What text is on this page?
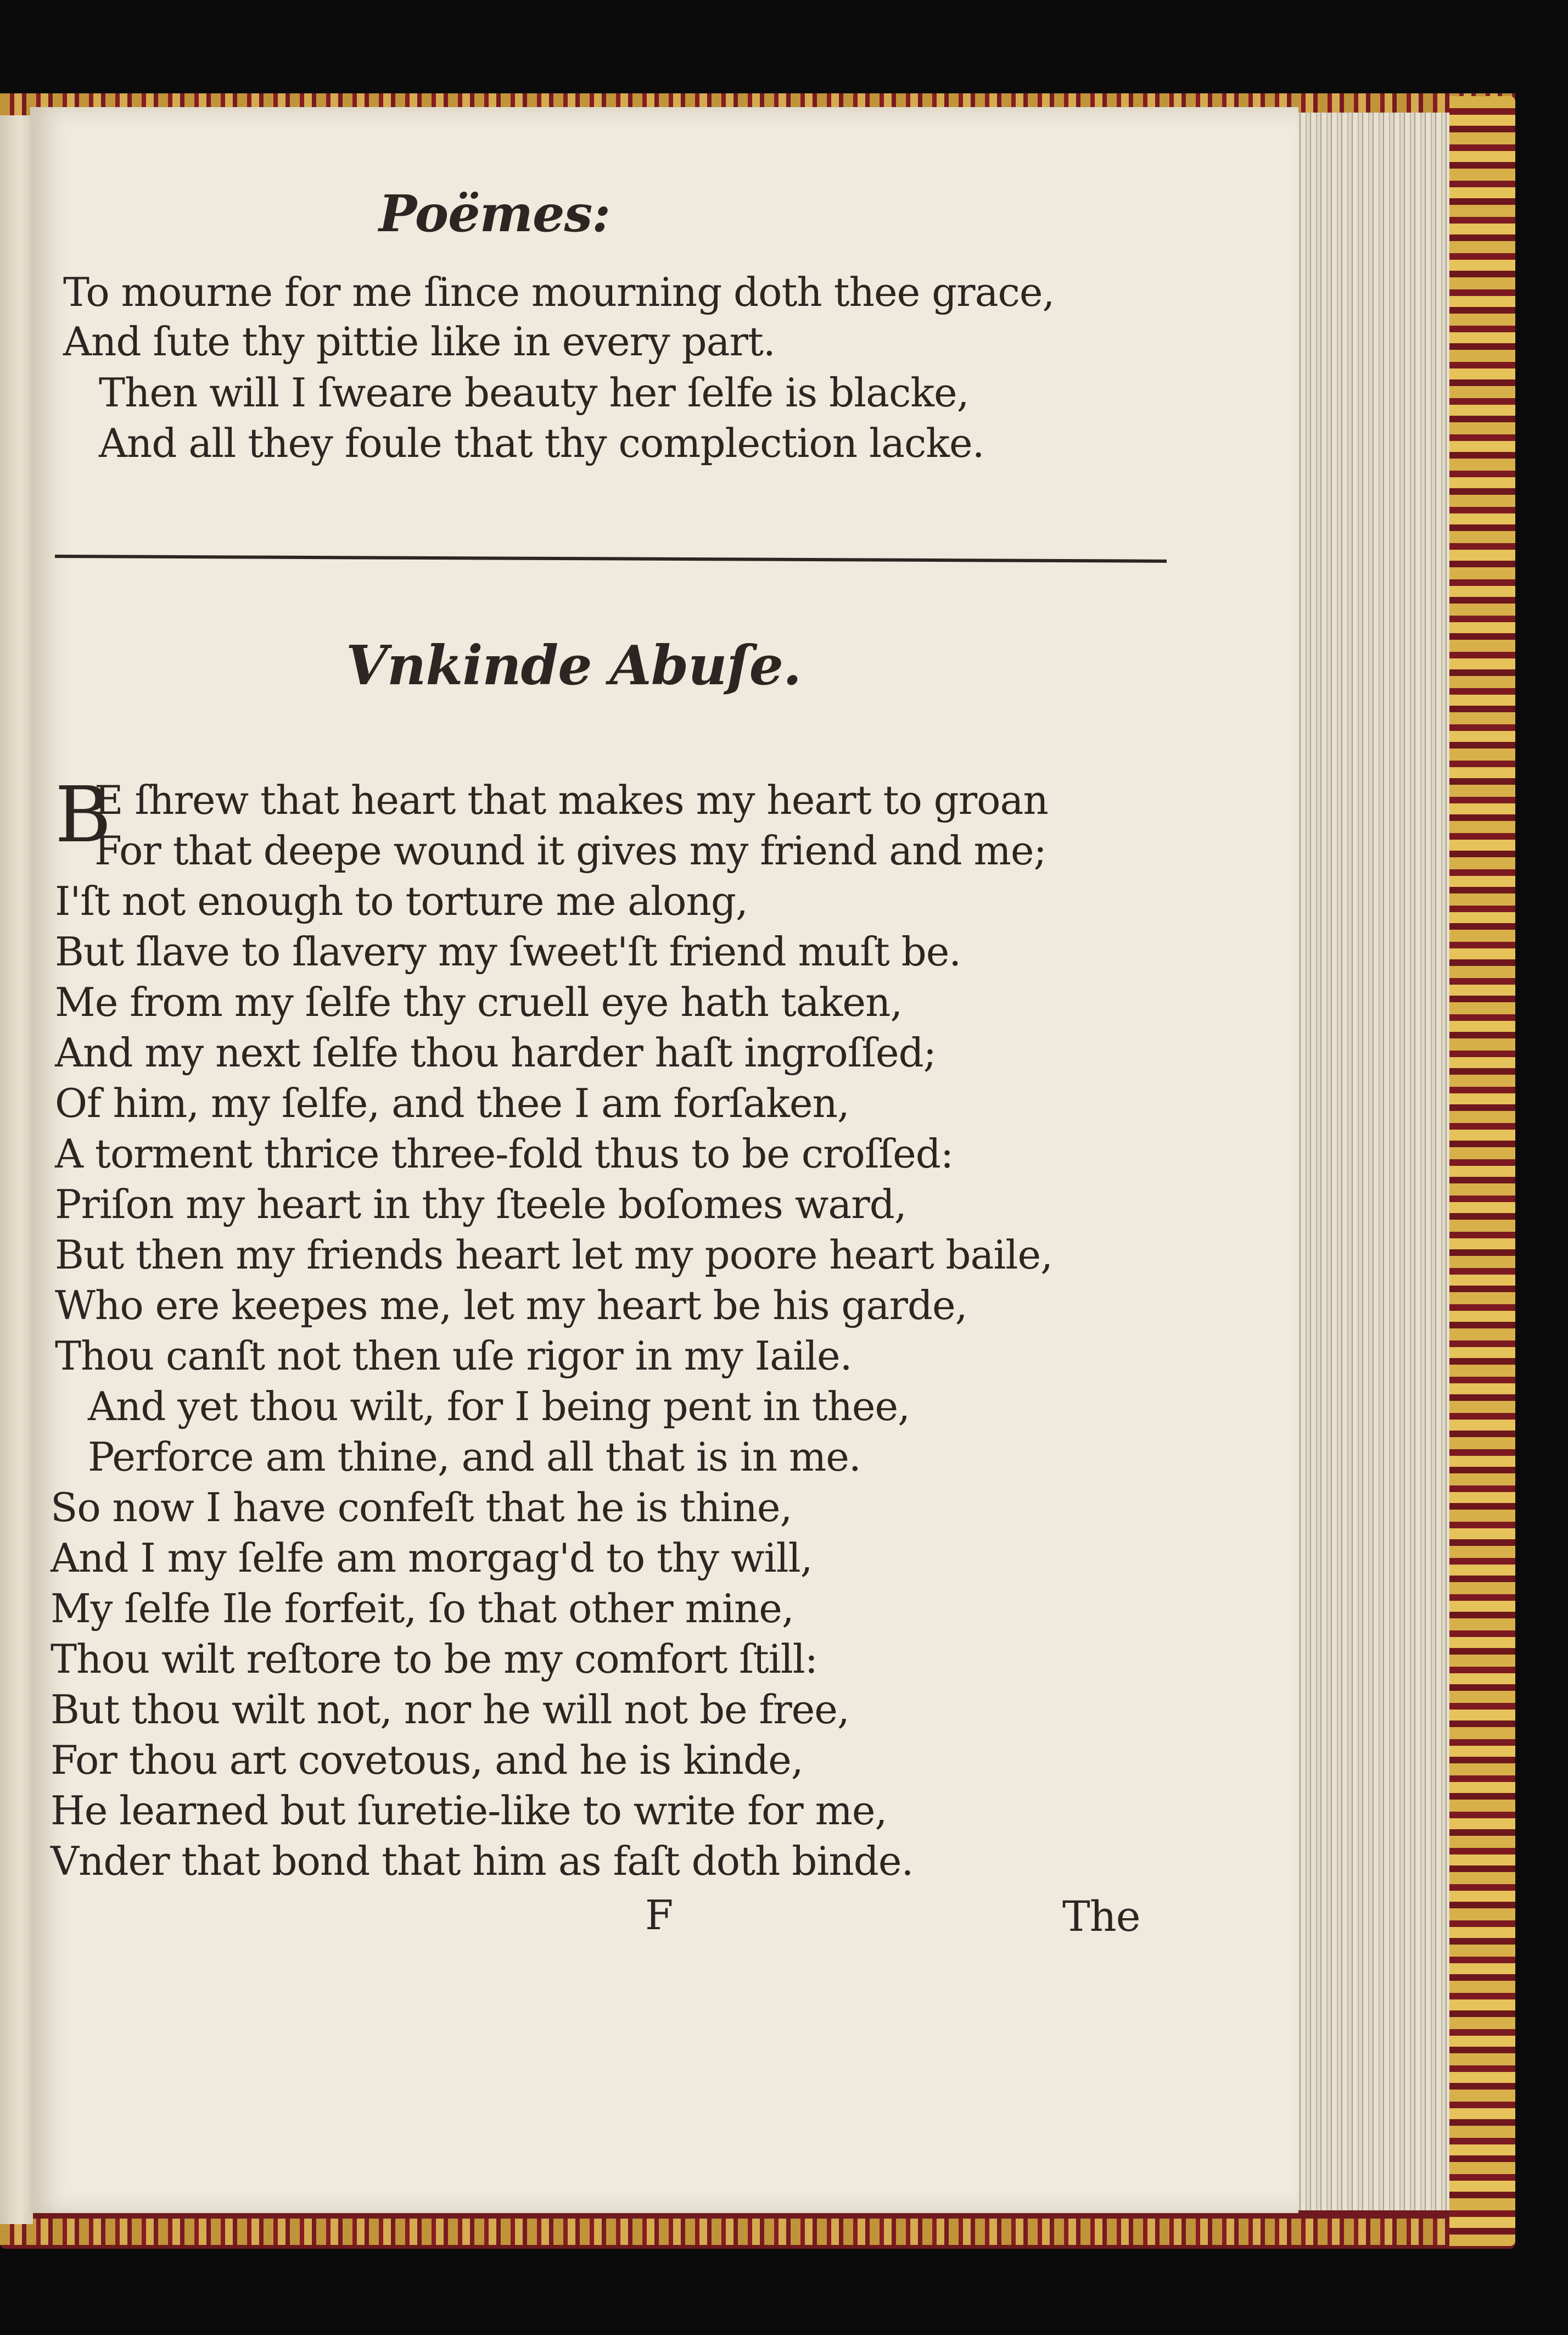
Poëmes:
To mourne for me ſince mourning doth thee grace,
And ſute thy pittie like in every part.
Then will I ſweare beauty her ſelfe is blacke,
And all they foule that thy complection lacke.
Vnkinde Abuſe.
B
E ſhrew that heart that makes my heart to groan
For that deepe wound it gives my friend and me;
I'ſt not enough to torture me along,
But ſlave to ſlavery my ſweet'ſt friend muſt be.
Me from my ſelfe thy cruell eye hath taken,
And my next ſelfe thou harder haſt ingroſſed;
Of him, my ſelfe, and thee I am forſaken,
A torment thrice three-fold thus to be croſſed:
Priſon my heart in thy ſteele boſomes ward,
But then my friends heart let my poore heart baile,
Who ere keepes me, let my heart be his garde,
Thou canſt not then uſe rigor in my Iaile.
And yet thou wilt, for I being pent in thee,
Perforce am thine, and all that is in me.
So now I have confeſt that he is thine,
And I my ſelfe am morgag'd to thy will,
My ſelfe Ile forfeit, ſo that other mine,
Thou wilt reſtore to be my comfort ſtill:
But thou wilt not, nor he will not be free,
For thou art covetous, and he is kinde,
He learned but ſuretie-like to write for me,
Vnder that bond that him as faſt doth binde.
F	The
